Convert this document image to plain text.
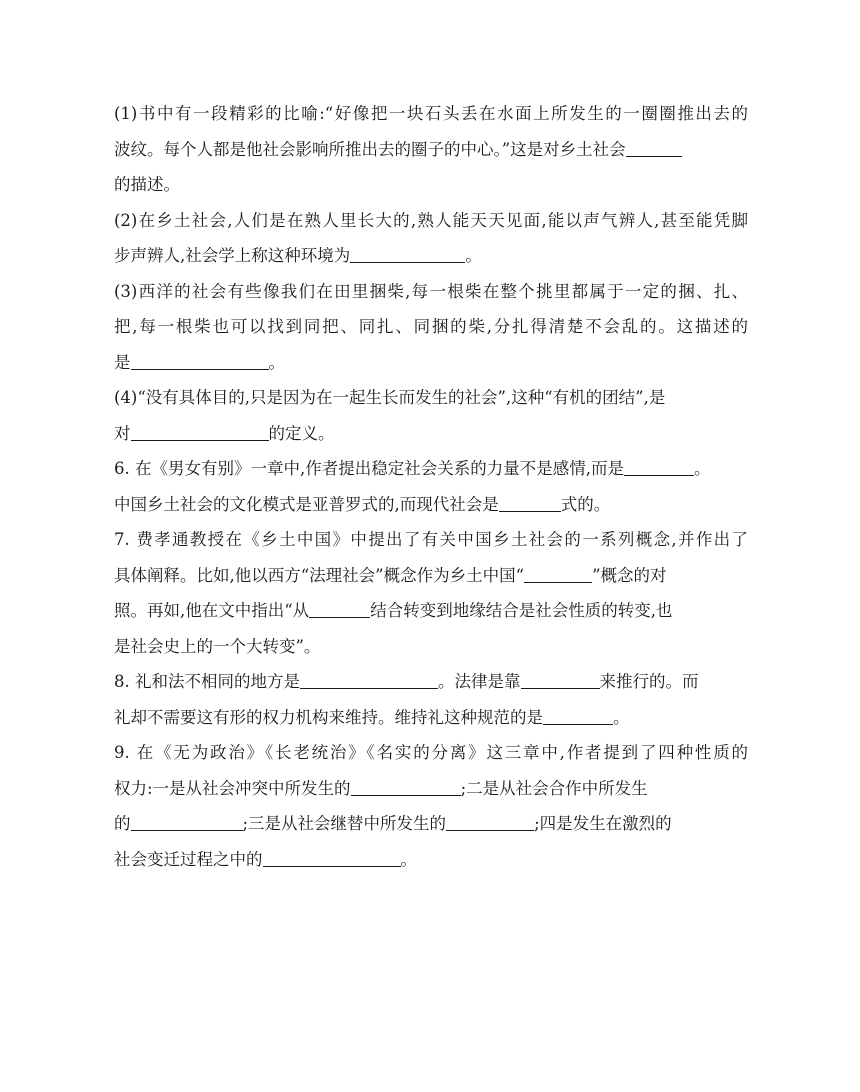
(1)书中有一段精彩的比喻:“好像把一块石头丢在水面上所发生的一圈圈推出去的
波纹。每个人都是他社会影响所推出去的圈子的中心。”这是对乡土社会
的描述。
(2)在乡土社会,人们是在熟人里长大的,熟人能天天见面,能以声气辨人,甚至能凭脚
步声辨人,社会学上称这种环境为	。
(3)西洋的社会有些像我们在田里捆柴,每一根柴在整个挑里都属于一定的捆、扎、
把,每一根柴也可以找到同把、同扎、同捆的柴,分扎得清楚不会乱的。这描述的
是	。
(4)“没有具体目的,只是因为在一起生长而发生的社会”,这种“有机的团结”,是
对	的定义。
6. 在《男女有别》一章中,作者提出稳定社会关系的力量不是感情,而是	。
中国乡土社会的文化模式是亚普罗式的,而现代社会是	式的。
7. 费孝通教授在《乡土中国》中提出了有关中国乡土社会的一系列概念,并作出了
具体阐释。比如,他以西方“法理社会”概念作为乡土中国“	”概念的对
照。再如,他在文中指出“从	结合转变到地缘结合是社会性质的转变,也
是社会史上的一个大转变”。
8. 礼和法不相同的地方是	。法律是靠	来推行的。而
礼却不需要这有形的权力机构来维持。维持礼这种规范的是	。
9. 在《无为政治》《长老统治》《名实的分离》这三章中,作者提到了四种性质的
权力:一是从社会冲突中所发生的	;二是从社会合作中所发生
的	;三是从社会继替中所发生的	;四是发生在激烈的
社会变迁过程之中的	。
